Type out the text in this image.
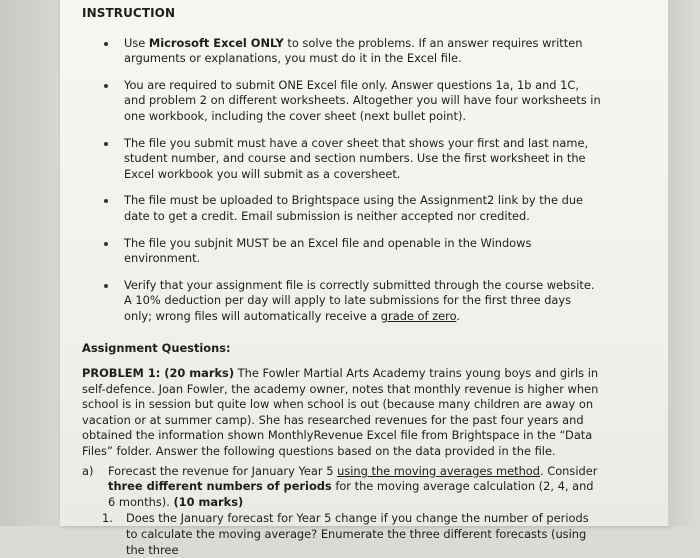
INSTRUCTION
Use Microsoft Excel ONLY to solve the problems. If an answer requires written arguments or explanations, you must do it in the Excel file.
You are required to submit ONE Excel file only. Answer questions 1a, 1b and 1C, and problem 2 on different worksheets. Altogether you will have four worksheets in one workbook, including the cover sheet (next bullet point).
The file you submit must have a cover sheet that shows your first and last name, student number, and course and section numbers. Use the first worksheet in the Excel workbook you will submit as a coversheet.
The file must be uploaded to Brightspace using the Assignment2 link by the due date to get a credit. Email submission is neither accepted nor credited.
The file you subjnit MUST be an Excel file and openable in the Windows environment.
Verify that your assignment file is correctly submitted through the course website. A 10% deduction per day will apply to late submissions for the first three days only; wrong files will automatically receive a grade of zero.
Assignment Questions:
PROBLEM 1: (20 marks) The Fowler Martial Arts Academy trains young boys and girls in self-defence. Joan Fowler, the academy owner, notes that monthly revenue is higher when school is in session but quite low when school is out (because many children are away on vacation or at summer camp). She has researched revenues for the past four years and obtained the information shown MonthlyRevenue Excel file from Brightspace in the “Data Files” folder. Answer the following questions based on the data provided in the file.
a) Forecast the revenue for January Year 5 using the moving averages method. Consider three different numbers of periods for the moving average calculation (2, 4, and 6 months). (10 marks)
1. Does the January forecast for Year 5 change if you change the number of periods to calculate the moving average? Enumerate the three different forecasts (using the three
